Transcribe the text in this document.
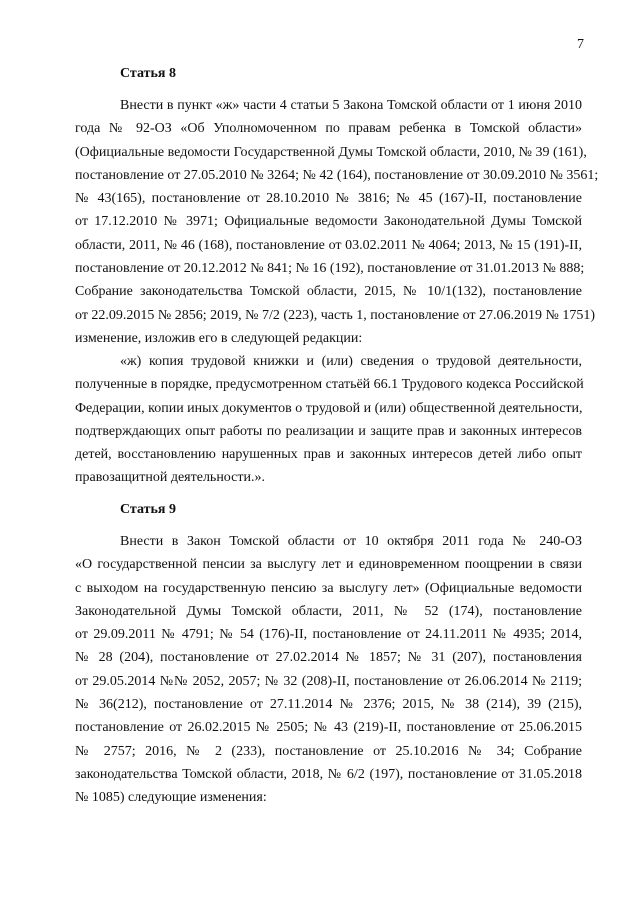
7
Статья 8
Внести в пункт «ж» части 4 статьи 5 Закона Томской области от 1 июня 2010
года № 92-ОЗ «Об Уполномоченном по правам ребенка в Томской области»
(Официальные ведомости Государственной Думы Томской области, 2010, № 39 (161),
постановление от 27.05.2010 № 3264; № 42 (164), постановление от 30.09.2010 № 3561;
№ 43(165), постановление от 28.10.2010 № 3816; № 45 (167)-II, постановление
от 17.12.2010 № 3971; Официальные ведомости Законодательной Думы Томской
области, 2011, № 46 (168), постановление от 03.02.2011 № 4064; 2013, № 15 (191)-II,
постановление от 20.12.2012 № 841; № 16 (192), постановление от 31.01.2013 № 888;
Собрание законодательства Томской области, 2015, № 10/1(132), постановление
от 22.09.2015 № 2856; 2019, № 7/2 (223), часть 1, постановление от 27.06.2019 № 1751)
изменение, изложив его в следующей редакции:
«ж) копия трудовой книжки и (или) сведения о трудовой деятельности,
полученные в порядке, предусмотренном статьёй 66.1 Трудового кодекса Российской
Федерации, копии иных документов о трудовой и (или) общественной деятельности,
подтверждающих опыт работы по реализации и защите прав и законных интересов
детей, восстановлению нарушенных прав и законных интересов детей либо опыт
правозащитной деятельности.».
Статья 9
Внести в Закон Томской области от 10 октября 2011 года № 240-ОЗ
«О государственной пенсии за выслугу лет и единовременном поощрении в связи
с выходом на государственную пенсию за выслугу лет» (Официальные ведомости
Законодательной Думы Томской области, 2011, № 52 (174), постановление
от 29.09.2011 № 4791; № 54 (176)-II, постановление от 24.11.2011 № 4935; 2014,
№ 28 (204), постановление от 27.02.2014 № 1857; № 31 (207), постановления
от 29.05.2014 №№ 2052, 2057; № 32 (208)-II, постановление от 26.06.2014 № 2119;
№ 36(212), постановление от 27.11.2014 № 2376; 2015, № 38 (214), 39 (215),
постановление от 26.02.2015 № 2505; № 43 (219)-II, постановление от 25.06.2015
№ 2757; 2016, № 2 (233), постановление от 25.10.2016 № 34; Собрание
законодательства Томской области, 2018, № 6/2 (197), постановление от 31.05.2018
№ 1085) следующие изменения:
